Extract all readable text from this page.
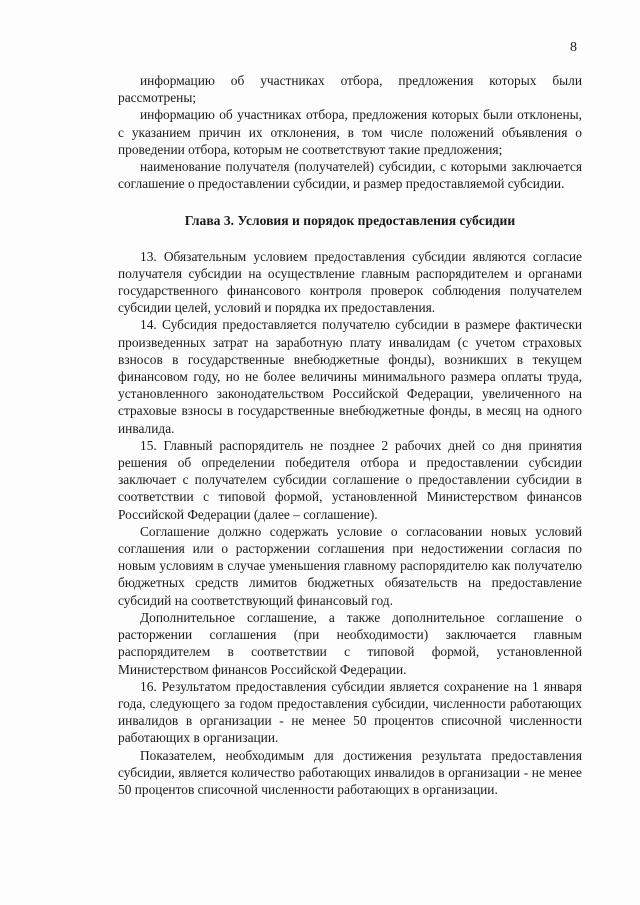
8

информацию об участниках отбора, предложения которых были рассмотрены;

информацию об участниках отбора, предложения которых были отклонены, с указанием причин их отклонения, в том числе положений объявления о проведении отбора, которым не соответствуют такие предложения;

наименование получателя (получателей) субсидии, с которыми заключается соглашение о предоставлении субсидии, и размер предоставляемой субсидии.

Глава 3. Условия и порядок предоставления субсидии

13. Обязательным условием предоставления субсидии являются согласие получателя субсидии на осуществление главным распорядителем и органами государственного финансового контроля проверок соблюдения получателем субсидии целей, условий и порядка их предоставления.

14. Субсидия предоставляется получателю субсидии в размере фактически произведенных затрат на заработную плату инвалидам (с учетом страховых взносов в государственные внебюджетные фонды), возникших в текущем финансовом году, но не более величины минимального размера оплаты труда, установленного законодательством Российской Федерации, увеличенного на страховые взносы в государственные внебюджетные фонды, в месяц на одного инвалида.

15. Главный распорядитель не позднее 2 рабочих дней со дня принятия решения об определении победителя отбора и предоставлении субсидии заключает с получателем субсидии соглашение о предоставлении субсидии в соответствии с типовой формой, установленной Министерством финансов Российской Федерации (далее – соглашение).

Соглашение должно содержать условие о согласовании новых условий соглашения или о расторжении соглашения при недостижении согласия по новым условиям в случае уменьшения главному распорядителю как получателю бюджетных средств лимитов бюджетных обязательств на предоставление субсидий на соответствующий финансовый год.

Дополнительное соглашение, а также дополнительное соглашение о расторжении соглашения (при необходимости) заключается главным распорядителем в соответствии с типовой формой, установленной Министерством финансов Российской Федерации.

16. Результатом предоставления субсидии является сохранение на 1 января года, следующего за годом предоставления субсидии, численности работающих инвалидов в организации - не менее 50 процентов списочной численности работающих в организации.

Показателем, необходимым для достижения результата предоставления субсидии, является количество работающих инвалидов в организации - не менее 50 процентов списочной численности работающих в организации.
